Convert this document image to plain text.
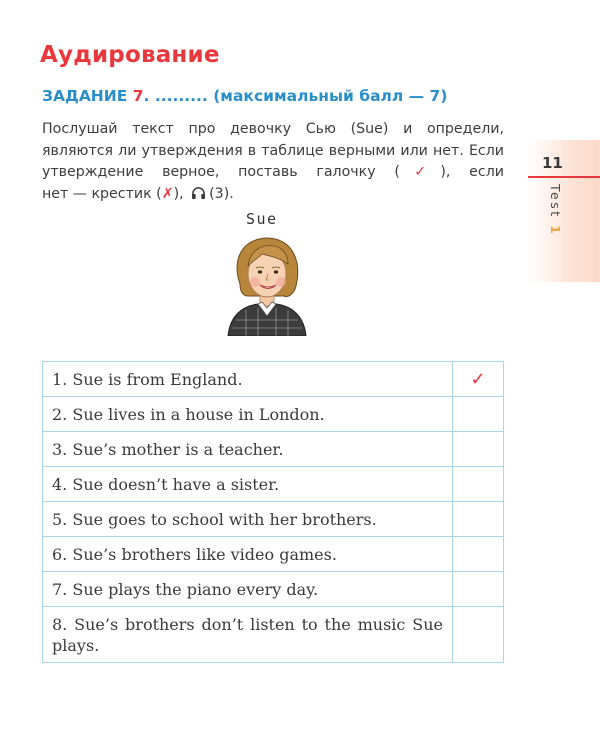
Аудирование
ЗАДАНИЕ 7. ......... (максимальный балл — 7)
Послушай текст про девочку Сью (Sue) и определи, являются ли утверждения в таблице верными или нет. Если утверждение верное, поставь галочку (✓), если
нет — крестик (✗), (3).
11
Test 1
Sue
1. Sue is from England.	✓
2. Sue lives in a house in London.	
3. Sue’s mother is a teacher.	
4. Sue doesn’t have a sister.	
5. Sue goes to school with her brothers.	
6. Sue’s brothers like video games.	
7. Sue plays the piano every day.	
8. Sue’s brothers don’t listen to the music Sue plays.	
